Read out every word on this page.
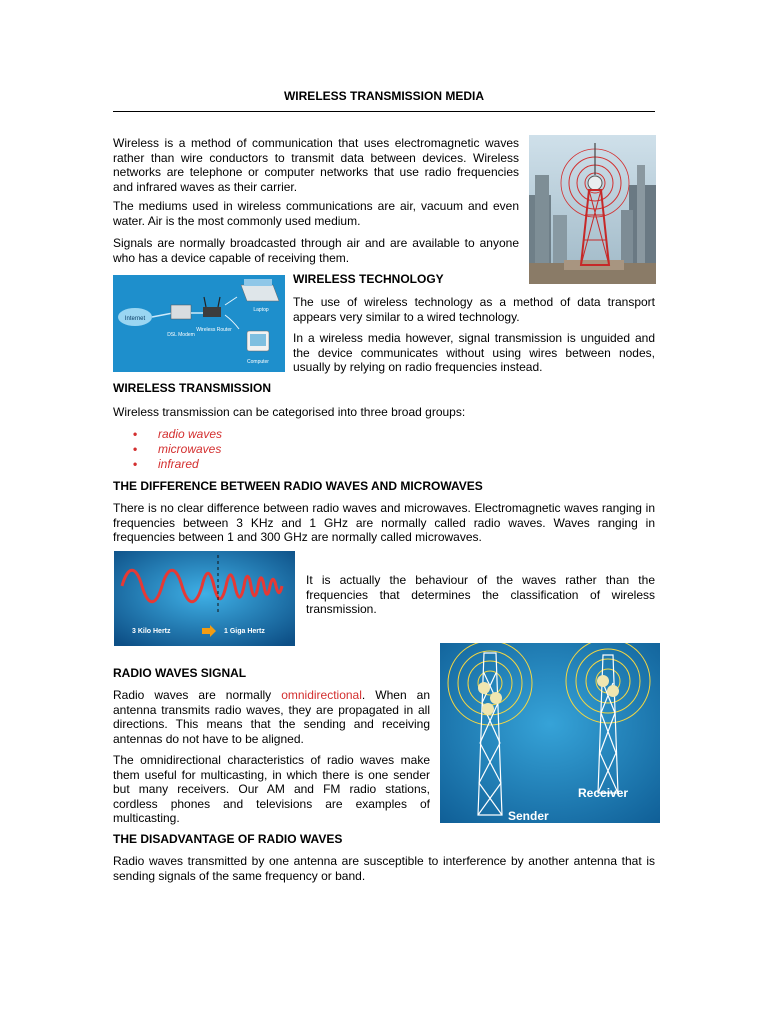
WIRELESS TRANSMISSION MEDIA

Wireless is a method of communication that uses electromagnetic waves rather than wire conductors to transmit data between devices. Wireless networks are telephone or computer networks that use radio frequencies and infrared waves as their carrier.

The mediums used in wireless communications are air, vacuum and even water. Air is the most commonly used medium.

Signals are normally broadcasted through air and are available to anyone who has a device capable of receiving them.

WIRELESS TECHNOLOGY

The use of wireless technology as a method of data transport appears very similar to a wired technology.

In a wireless media however, signal transmission is unguided and the device communicates without using wires between nodes, usually by relying on radio frequencies instead.

Internet
DSL Modem
Wireless Router
Laptop
Computer
WIRELESS TRANSMISSION

Wireless transmission can be categorised into three broad groups:

• radio waves
• microwaves
• infrared
THE DIFFERENCE BETWEEN RADIO WAVES AND MICROWAVES

There is no clear difference between radio waves and microwaves. Electromagnetic waves ranging in frequencies between 3 KHz and 1 GHz are normally called radio waves. Waves ranging in frequencies between 1 and 300 GHz are normally called microwaves.

3 Kilo Hertz	1 Giga Hertz

It is actually the behaviour of the waves rather than the frequencies that determines the classification of wireless transmission.

RADIO WAVES SIGNAL

Radio waves are normally omnidirectional. When an antenna transmits radio waves, they are propagated in all directions. This means that the sending and receiving antennas do not have to be aligned.

The omnidirectional characteristics of radio waves make them useful for multicasting, in which there is one sender but many receivers. Our AM and FM radio stations, cordless phones and televisions are examples of multicasting.

Receiver
Sender
THE DISADVANTAGE OF RADIO WAVES

Radio waves transmitted by one antenna are susceptible to interference by another antenna that is sending signals of the same frequency or band.
